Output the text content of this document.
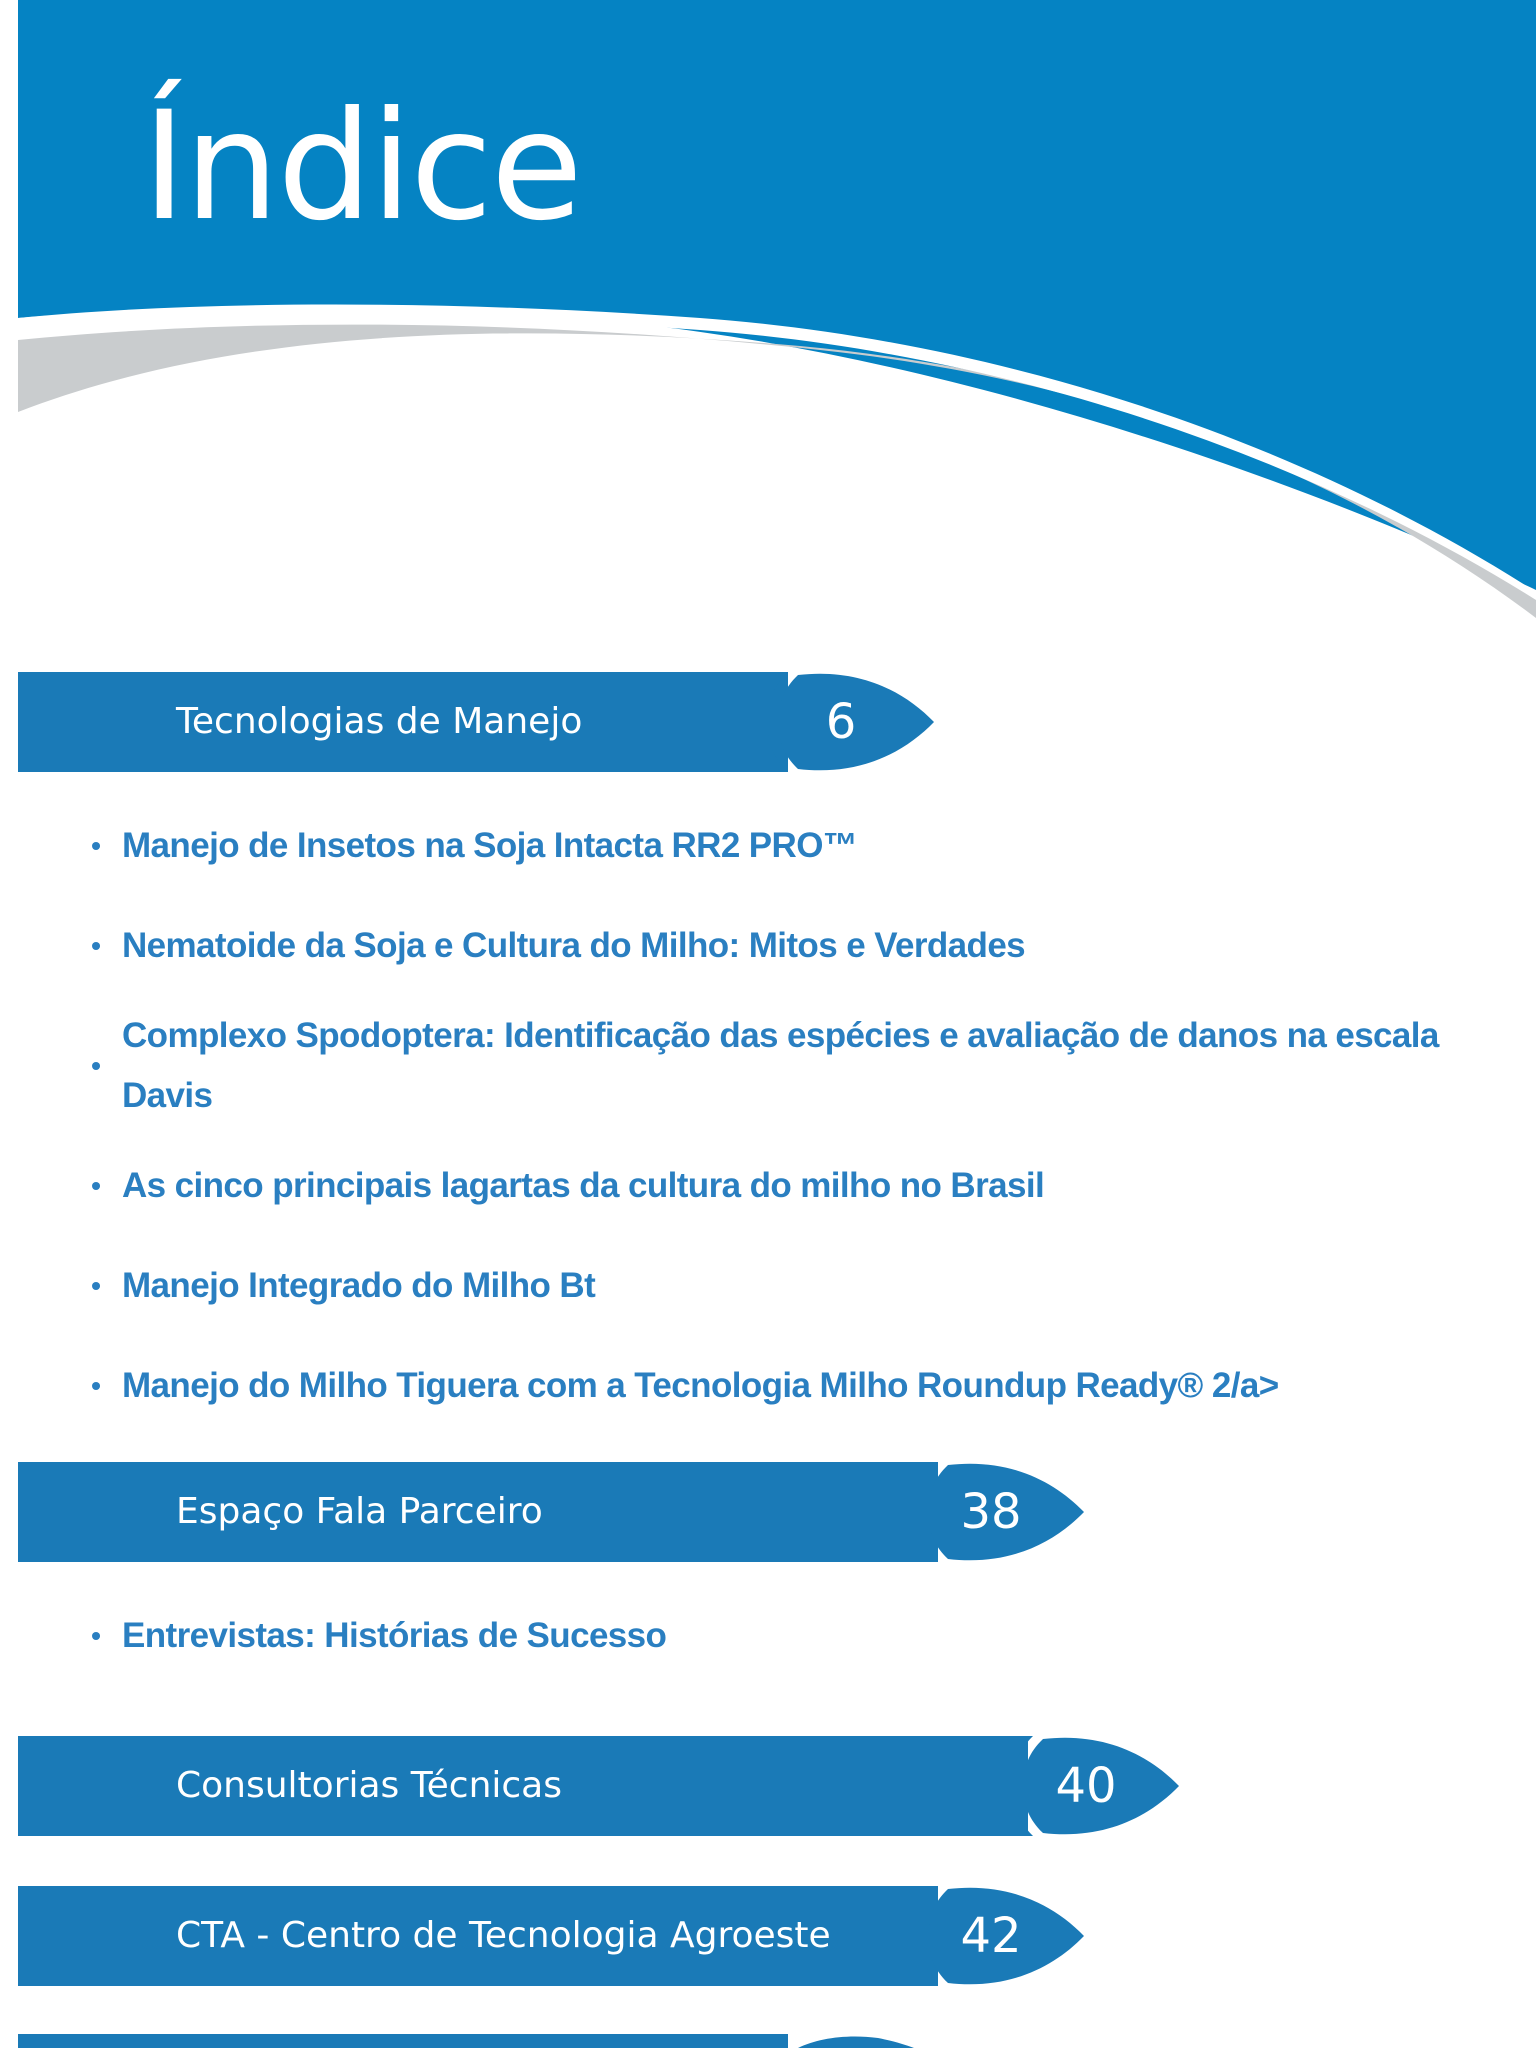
Índice
Tecnologias de Manejo	6
• Manejo de Insetos na Soja Intacta RR2 PRO™
• Nematoide da Soja e Cultura do Milho: Mitos e Verdades
•
Complexo Spodoptera: Identificação das espécies e avaliação de danos na escala Davis
• As cinco principais lagartas da cultura do milho no Brasil
• Manejo Integrado do Milho Bt
• Manejo do Milho Tiguera com a Tecnologia Milho Roundup Ready® 2/a>
Espaço Fala Parceiro	38
• Entrevistas: Histórias de Sucesso
Consultorias Técnicas	40
CTA - Centro de Tecnologia Agroeste	42
